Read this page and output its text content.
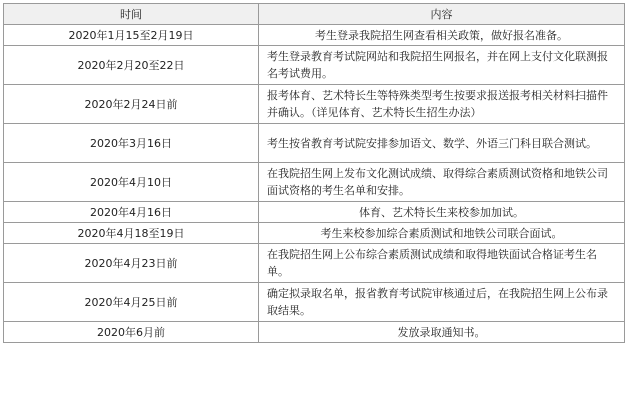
时间	内容
2020年1月15至2月19日	考生登录我院招生网查看相关政策，做好报名准备。
2020年2月20至22日	考生登录教育考试院网站和我院招生网报名，并在网上支付文化联测报名考试费用。
2020年2月24日前	报考体育、艺术特长生等特殊类型考生按要求报送报考相关材料扫描件并确认。（详见体育、艺术特长生招生办法）
2020年3月16日	考生按省教育考试院安排参加语文、数学、外语三门科目联合测试。
2020年4月10日	在我院招生网上发布文化测试成绩、取得综合素质测试资格和地铁公司面试资格的考生名单和安排。
2020年4月16日	体育、艺术特长生来校参加加试。
2020年4月18至19日	考生来校参加综合素质测试和地铁公司联合面试。
2020年4月23日前	在我院招生网上公布综合素质测试成绩和取得地铁面试合格证考生名单。
2020年4月25日前	确定拟录取名单，报省教育考试院审核通过后，在我院招生网上公布录取结果。
2020年6月前	发放录取通知书。
